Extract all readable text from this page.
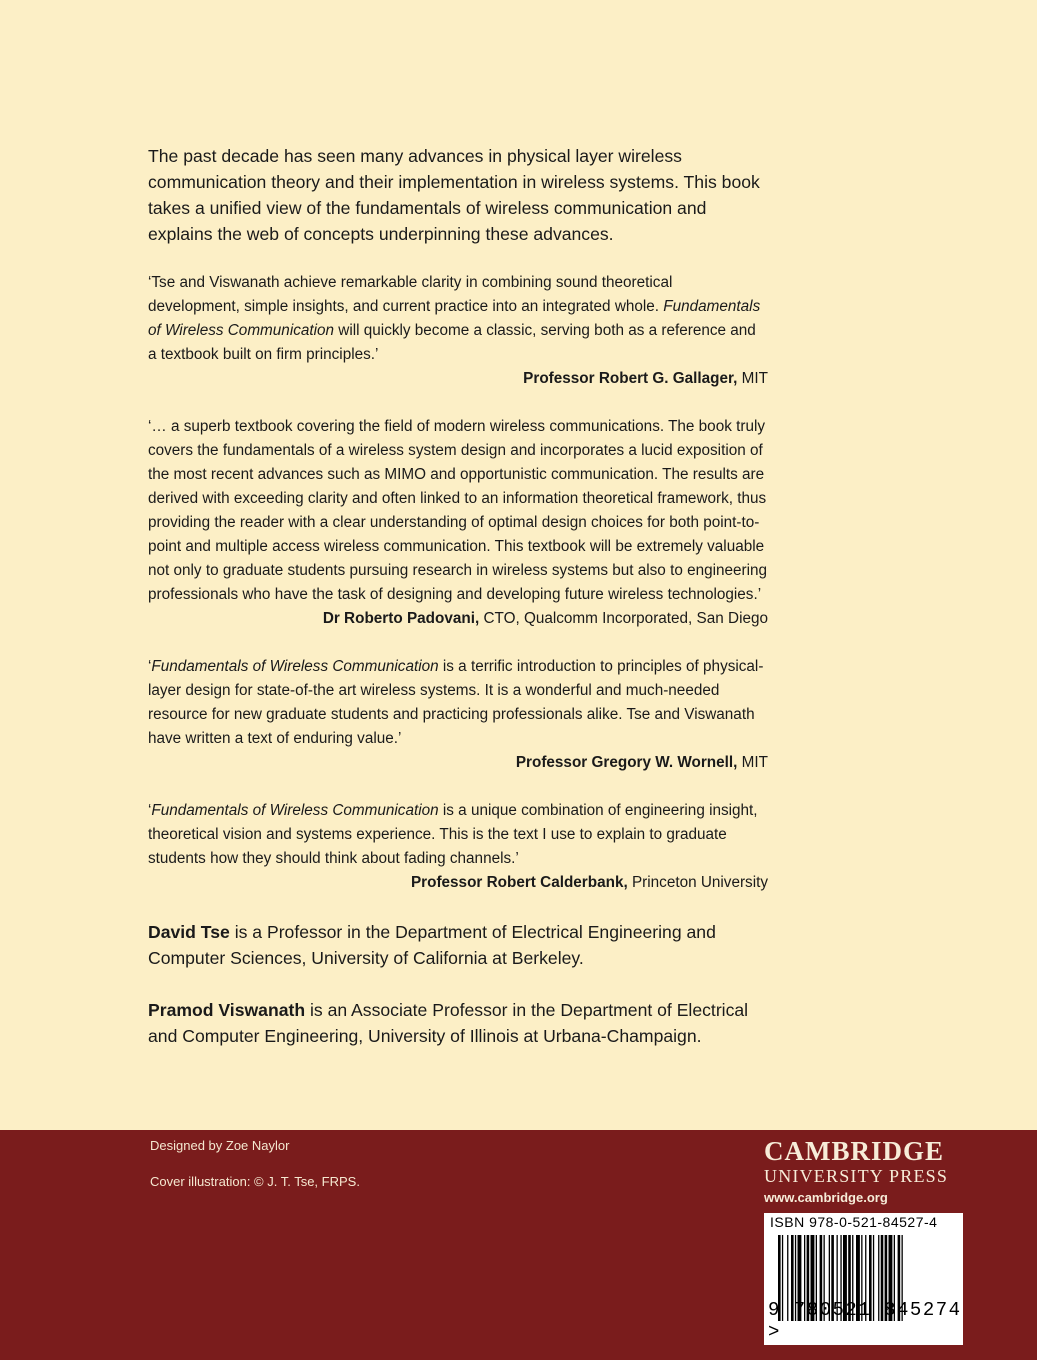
The past decade has seen many advances in physical layer wireless communication theory and their implementation in wireless systems. This book takes a unified view of the fundamentals of wireless communication and explains the web of concepts underpinning these advances.

‘Tse and Viswanath achieve remarkable clarity in combining sound theoretical development, simple insights, and current practice into an integrated whole. Fundamentals of Wireless Communication will quickly become a classic, serving both as a reference and a textbook built on firm principles.’

Professor Robert G. Gallager, MIT

‘… a superb textbook covering the field of modern wireless communications. The book truly covers the fundamentals of a wireless system design and incorporates a lucid exposition of the most recent advances such as MIMO and opportunistic communication. The results are derived with exceeding clarity and often linked to an information theoretical framework, thus providing the reader with a clear understanding of optimal design choices for both point-to-point and multiple access wireless communication. This textbook will be extremely valuable not only to graduate students pursuing research in wireless systems but also to engineering professionals who have the task of designing and developing future wireless technologies.’

Dr Roberto Padovani, CTO, Qualcomm Incorporated, San Diego

‘Fundamentals of Wireless Communication is a terrific introduction to principles of physical-layer design for state-of-the art wireless systems. It is a wonderful and much-needed resource for new graduate students and practicing professionals alike. Tse and Viswanath have written a text of enduring value.’

Professor Gregory W. Wornell, MIT

‘Fundamentals of Wireless Communication is a unique combination of engineering insight, theoretical vision and systems experience. This is the text I use to explain to graduate students how they should think about fading channels.’

Professor Robert Calderbank, Princeton University

David Tse is a Professor in the Department of Electrical Engineering and Computer Sciences, University of California at Berkeley.

Pramod Viswanath is an Associate Professor in the Department of Electrical and Computer Engineering, University of Illinois at Urbana-Champaign.

Designed by Zoe Naylor
Cover illustration: © J. T. Tse, FRPS.
CAMBRIDGE
UNIVERSITY PRESS
www.cambridge.org
ISBN 978-0-521-84527-4
9 780521 845274 >
